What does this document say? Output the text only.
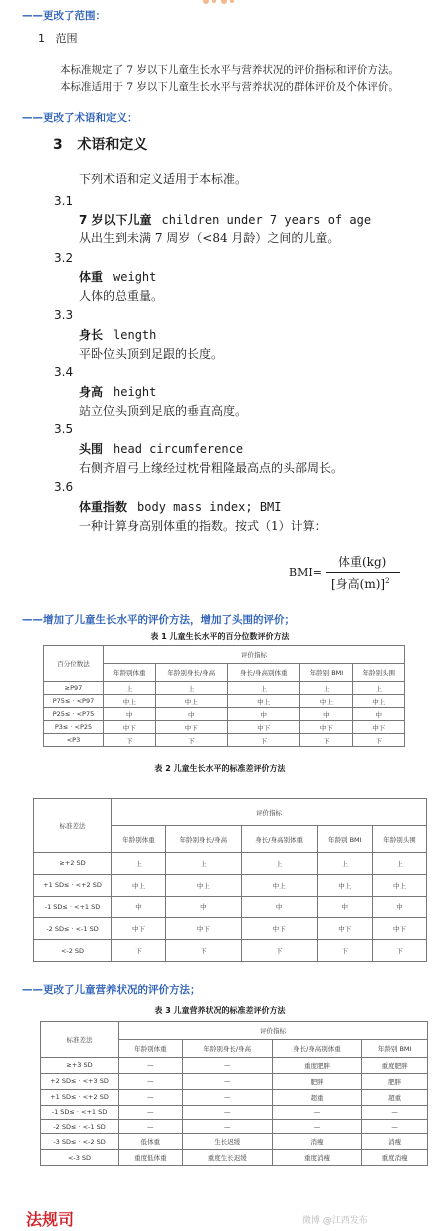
——更改了范围：
1 范围
本标准规定了 7 岁以下儿童生长水平与营养状况的评价指标和评价方法。
本标准适用于 7 岁以下儿童生长水平与营养状况的群体评价及个体评价。
——更改了术语和定义：
3 术语和定义
下列术语和定义适用于本标准。
3.1
7 岁以下儿童 children under 7 years of age
从出生到未满 7 周岁（<84 月龄）之间的儿童。
3.2
体重 weight
人体的总重量。
3.3
身长 length
平卧位头顶到足跟的长度。
3.4
身高 height
站立位头顶到足底的垂直高度。
3.5
头围 head circumference
右侧齐眉弓上缘经过枕骨粗隆最高点的头部周长。
3.6
体重指数 body mass index; BMI
一种计算身高别体重的指数。按式（1）计算：
BMI=
体重(kg)
[身高(m)]$^2$
——增加了儿童生长水平的评价方法，增加了头围的评价；
表 1 儿童生长水平的百分位数评价方法
百分位数法	评价指标				
	年龄别体重	年龄别身长/身高	身长/身高别体重	年龄别 BMI	年龄别头围
≥P97	上	上	上	上	上
P75≤ · <P97	中上	中上	中上	中上	中上
P25≤ · <P75	中	中	中	中	中
P3≤ · <P25	中下	中下	中下	中下	中下
<P3	下	下	下	下	下
表 2 儿童生长水平的标准差评价方法
标准差法	评价指标				
	年龄别体重	年龄别身长/身高	身长/身高别体重	年龄别 BMI	年龄别头围
≥+2 SD	上	上	上	上	上
+1 SD≤ · <+2 SD	中上	中上	中上	中上	中上
-1 SD≤ · <+1 SD	中	中	中	中	中
-2 SD≤ · <-1 SD	中下	中下	中下	中下	中下
<-2 SD	下	下	下	下	下
——更改了儿童营养状况的评价方法；
表 3 儿童营养状况的标准差评价方法
标准差法	评价指标			
	年龄别体重	年龄别身长/身高	身长/身高别体重	年龄别 BMI
≥+3 SD	—	—	重度肥胖	重度肥胖
+2 SD≤ · <+3 SD	—	—	肥胖	肥胖
+1 SD≤ · <+2 SD	—	—	超重	超重
-1 SD≤ · <+1 SD	—	—	—	—
-2 SD≤ · <-1 SD	—	—	—	—
-3 SD≤ · <-2 SD	低体重	生长迟缓	消瘦	消瘦
<-3 SD	重度低体重	重度生长迟缓	重度消瘦	重度消瘦
法规司	微博 @江西发布
